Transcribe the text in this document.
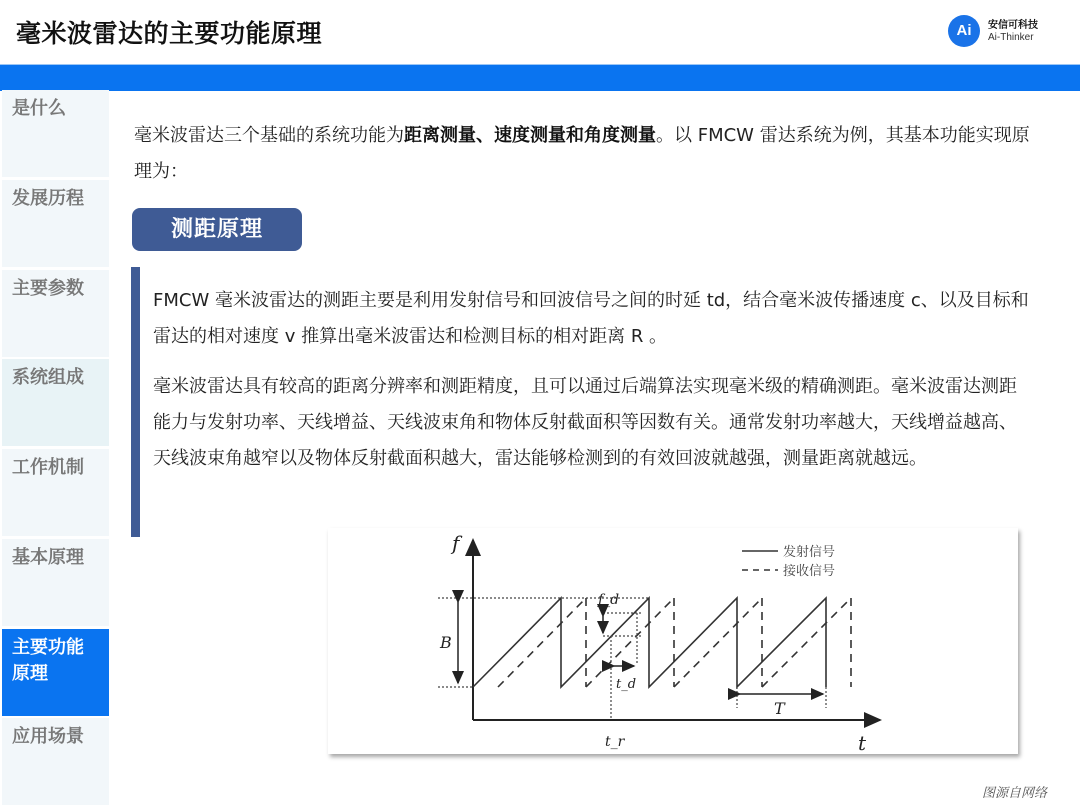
毫米波雷达的主要功能原理	Ai	安信可科技
Ai-Thinker
是什么
发展历程
主要参数
系统组成
工作机制
基本原理
主要功能原理
应用场景
毫米波雷达三个基础的系统功能为距离测量、速度测量和角度测量。以 FMCW 雷达系统为例，其基本功能实现原理为：
测距原理

FMCW 毫米波雷达的测距主要是利用发射信号和回波信号之间的时延 td，结合毫米波传播速度 c、以及目标和雷达的相对速度 v 推算出毫米波雷达和检测目标的相对距离 R 。

毫米波雷达具有较高的距离分辨率和测距精度，且可以通过后端算法实现毫米级的精确测距。毫米波雷达测距能力与发射功率、天线增益、天线波束角和物体反射截面积等因数有关。通常发射功率越大，天线增益越高、天线波束角越窄以及物体反射截面积越大，雷达能够检测到的有效回波就越强，测量距离就越远。

f
t
B
f_d
t_d
t_r
T
发射信号
接收信号
图源自网络
